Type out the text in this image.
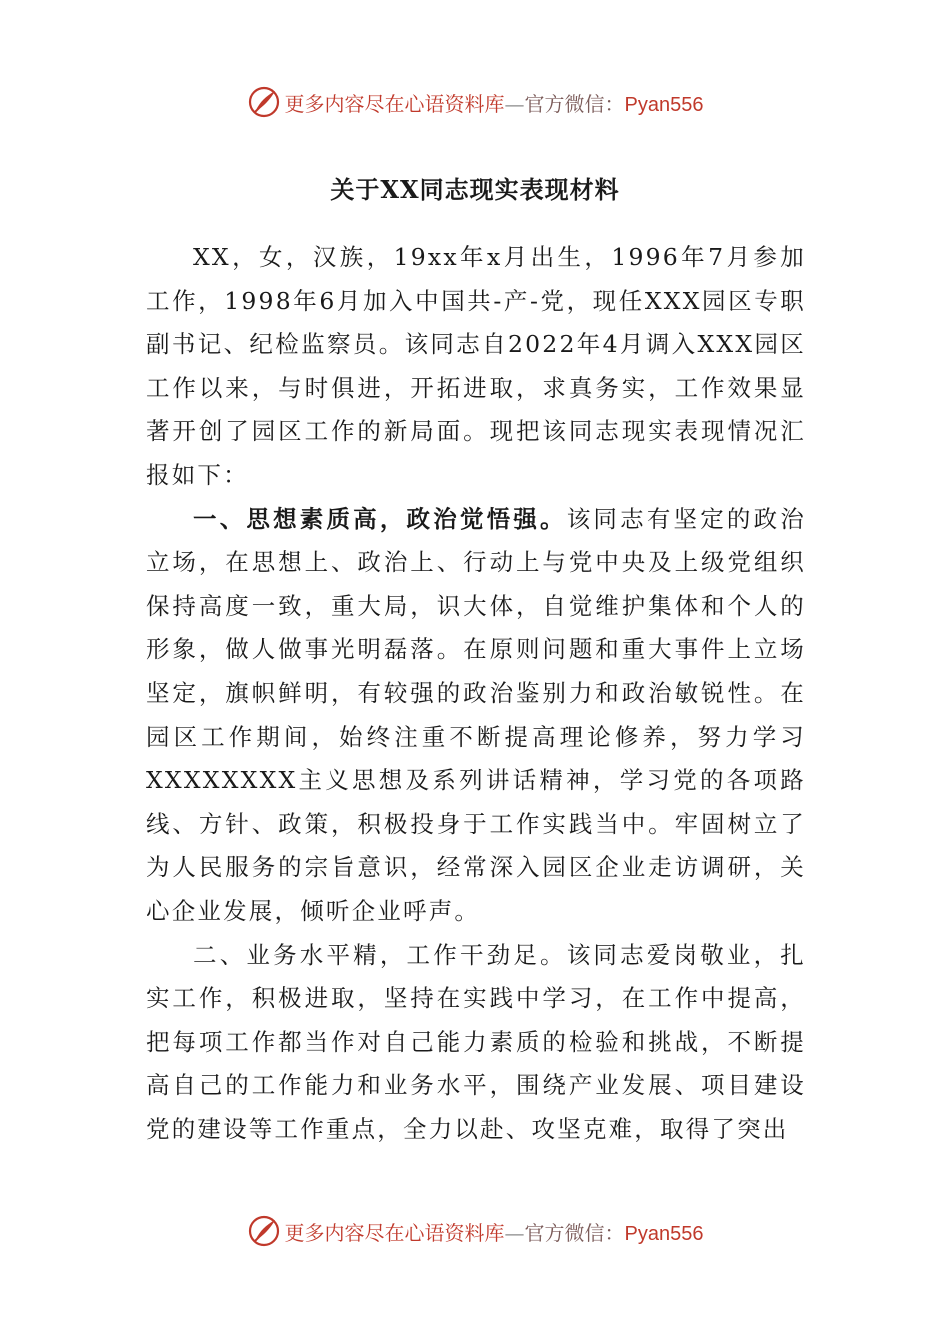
更多内容尽在心语资料库—官方微信：Pyan556
关于XX同志现实表现材料

XX，女，汉族，19xx年x月出生，1996年7月参加工作，1998年6月加入中国共-产-党，现任XXX园区专职副书记、纪检监察员。该同志自2022年4月调入XXX园区工作以来，与时俱进，开拓进取，求真务实，工作效果显著开创了园区工作的新局面。现把该同志现实表现情况汇报如下：

一、思想素质高，政治觉悟强。该同志有坚定的政治立场，在思想上、政治上、行动上与党中央及上级党组织保持高度一致，重大局，识大体，自觉维护集体和个人的形象，做人做事光明磊落。在原则问题和重大事件上立场坚定，旗帜鲜明，有较强的政治鉴别力和政治敏锐性。在园区工作期间，始终注重不断提高理论修养，努力学习XXXXXXXX主义思想及系列讲话精神，学习党的各项路线、方针、政策，积极投身于工作实践当中。牢固树立了为人民服务的宗旨意识，经常深入园区企业走访调研，关心企业发展，倾听企业呼声。

二、业务水平精，工作干劲足。该同志爱岗敬业，扎实工作，积极进取，坚持在实践中学习，在工作中提高，把每项工作都当作对自己能力素质的检验和挑战，不断提高自己的工作能力和业务水平，围绕产业发展、项目建设党的建设等工作重点，全力以赴、攻坚克难，取得了突出

更多内容尽在心语资料库—官方微信：Pyan556
